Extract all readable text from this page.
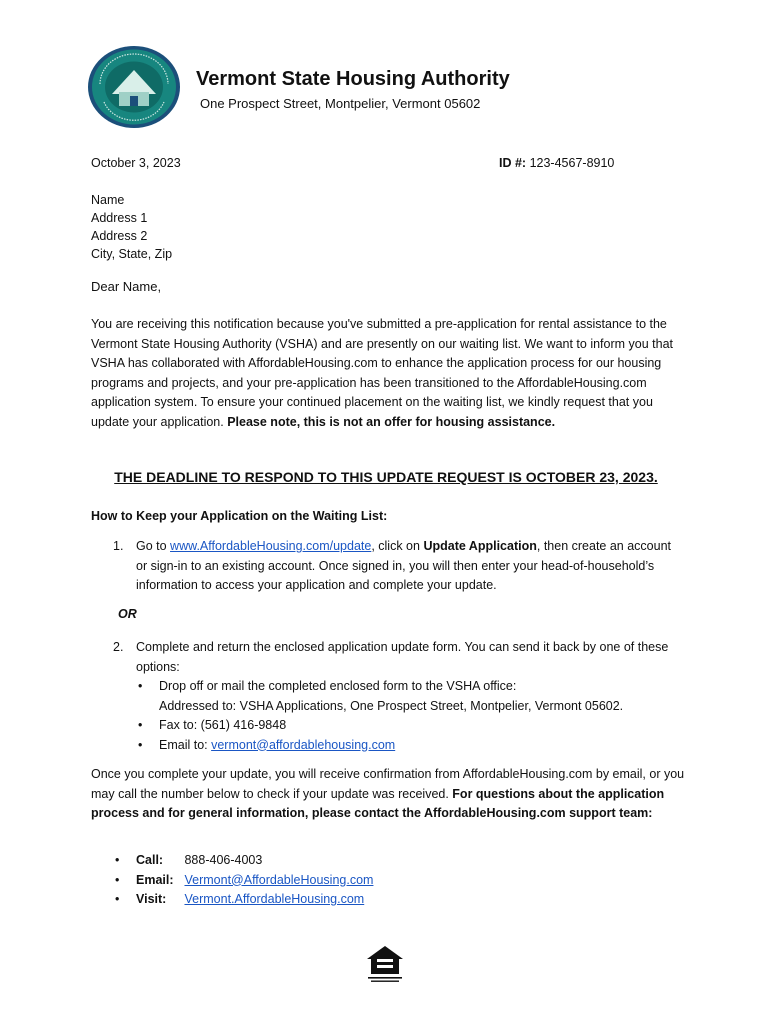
Vermont State Housing Authority
One Prospect Street, Montpelier, Vermont 05602
October 3, 2023	ID #: 123-4567-8910
Name
Address 1
Address 2
City, State, Zip
Dear Name,
You are receiving this notification because you've submitted a pre-application for rental assistance to the Vermont State Housing Authority (VSHA) and are presently on our waiting list. We want to inform you that VSHA has collaborated with AffordableHousing.com to enhance the application process for our housing programs and projects, and your pre-application has been transitioned to the AffordableHousing.com application system. To ensure your continued placement on the waiting list, we kindly request that you update your application. Please note, this is not an offer for housing assistance.
THE DEADLINE TO RESPOND TO THIS UPDATE REQUEST IS OCTOBER 23, 2023.
How to Keep your Application on the Waiting List:
1. Go to www.AffordableHousing.com/update, click on Update Application, then create an account or sign-in to an existing account. Once signed in, you will then enter your head-of-household’s information to access your application and complete your update.
OR
2. Complete and return the enclosed application update form. You can send it back by one of these options:
• Drop off or mail the completed enclosed form to the VSHA office:
Addressed to: VSHA Applications, One Prospect Street, Montpelier, Vermont 05602.
• Fax to: (561) 416-9848
• Email to: vermont@affordablehousing.com
Once you complete your update, you will receive confirmation from AffordableHousing.com by email, or you may call the number below to check if your update was received. For questions about the application process and for general information, please contact the AffordableHousing.com support team:
• Call: 888-406-4003
• Email: Vermont@AffordableHousing.com
• Visit: Vermont.AffordableHousing.com
